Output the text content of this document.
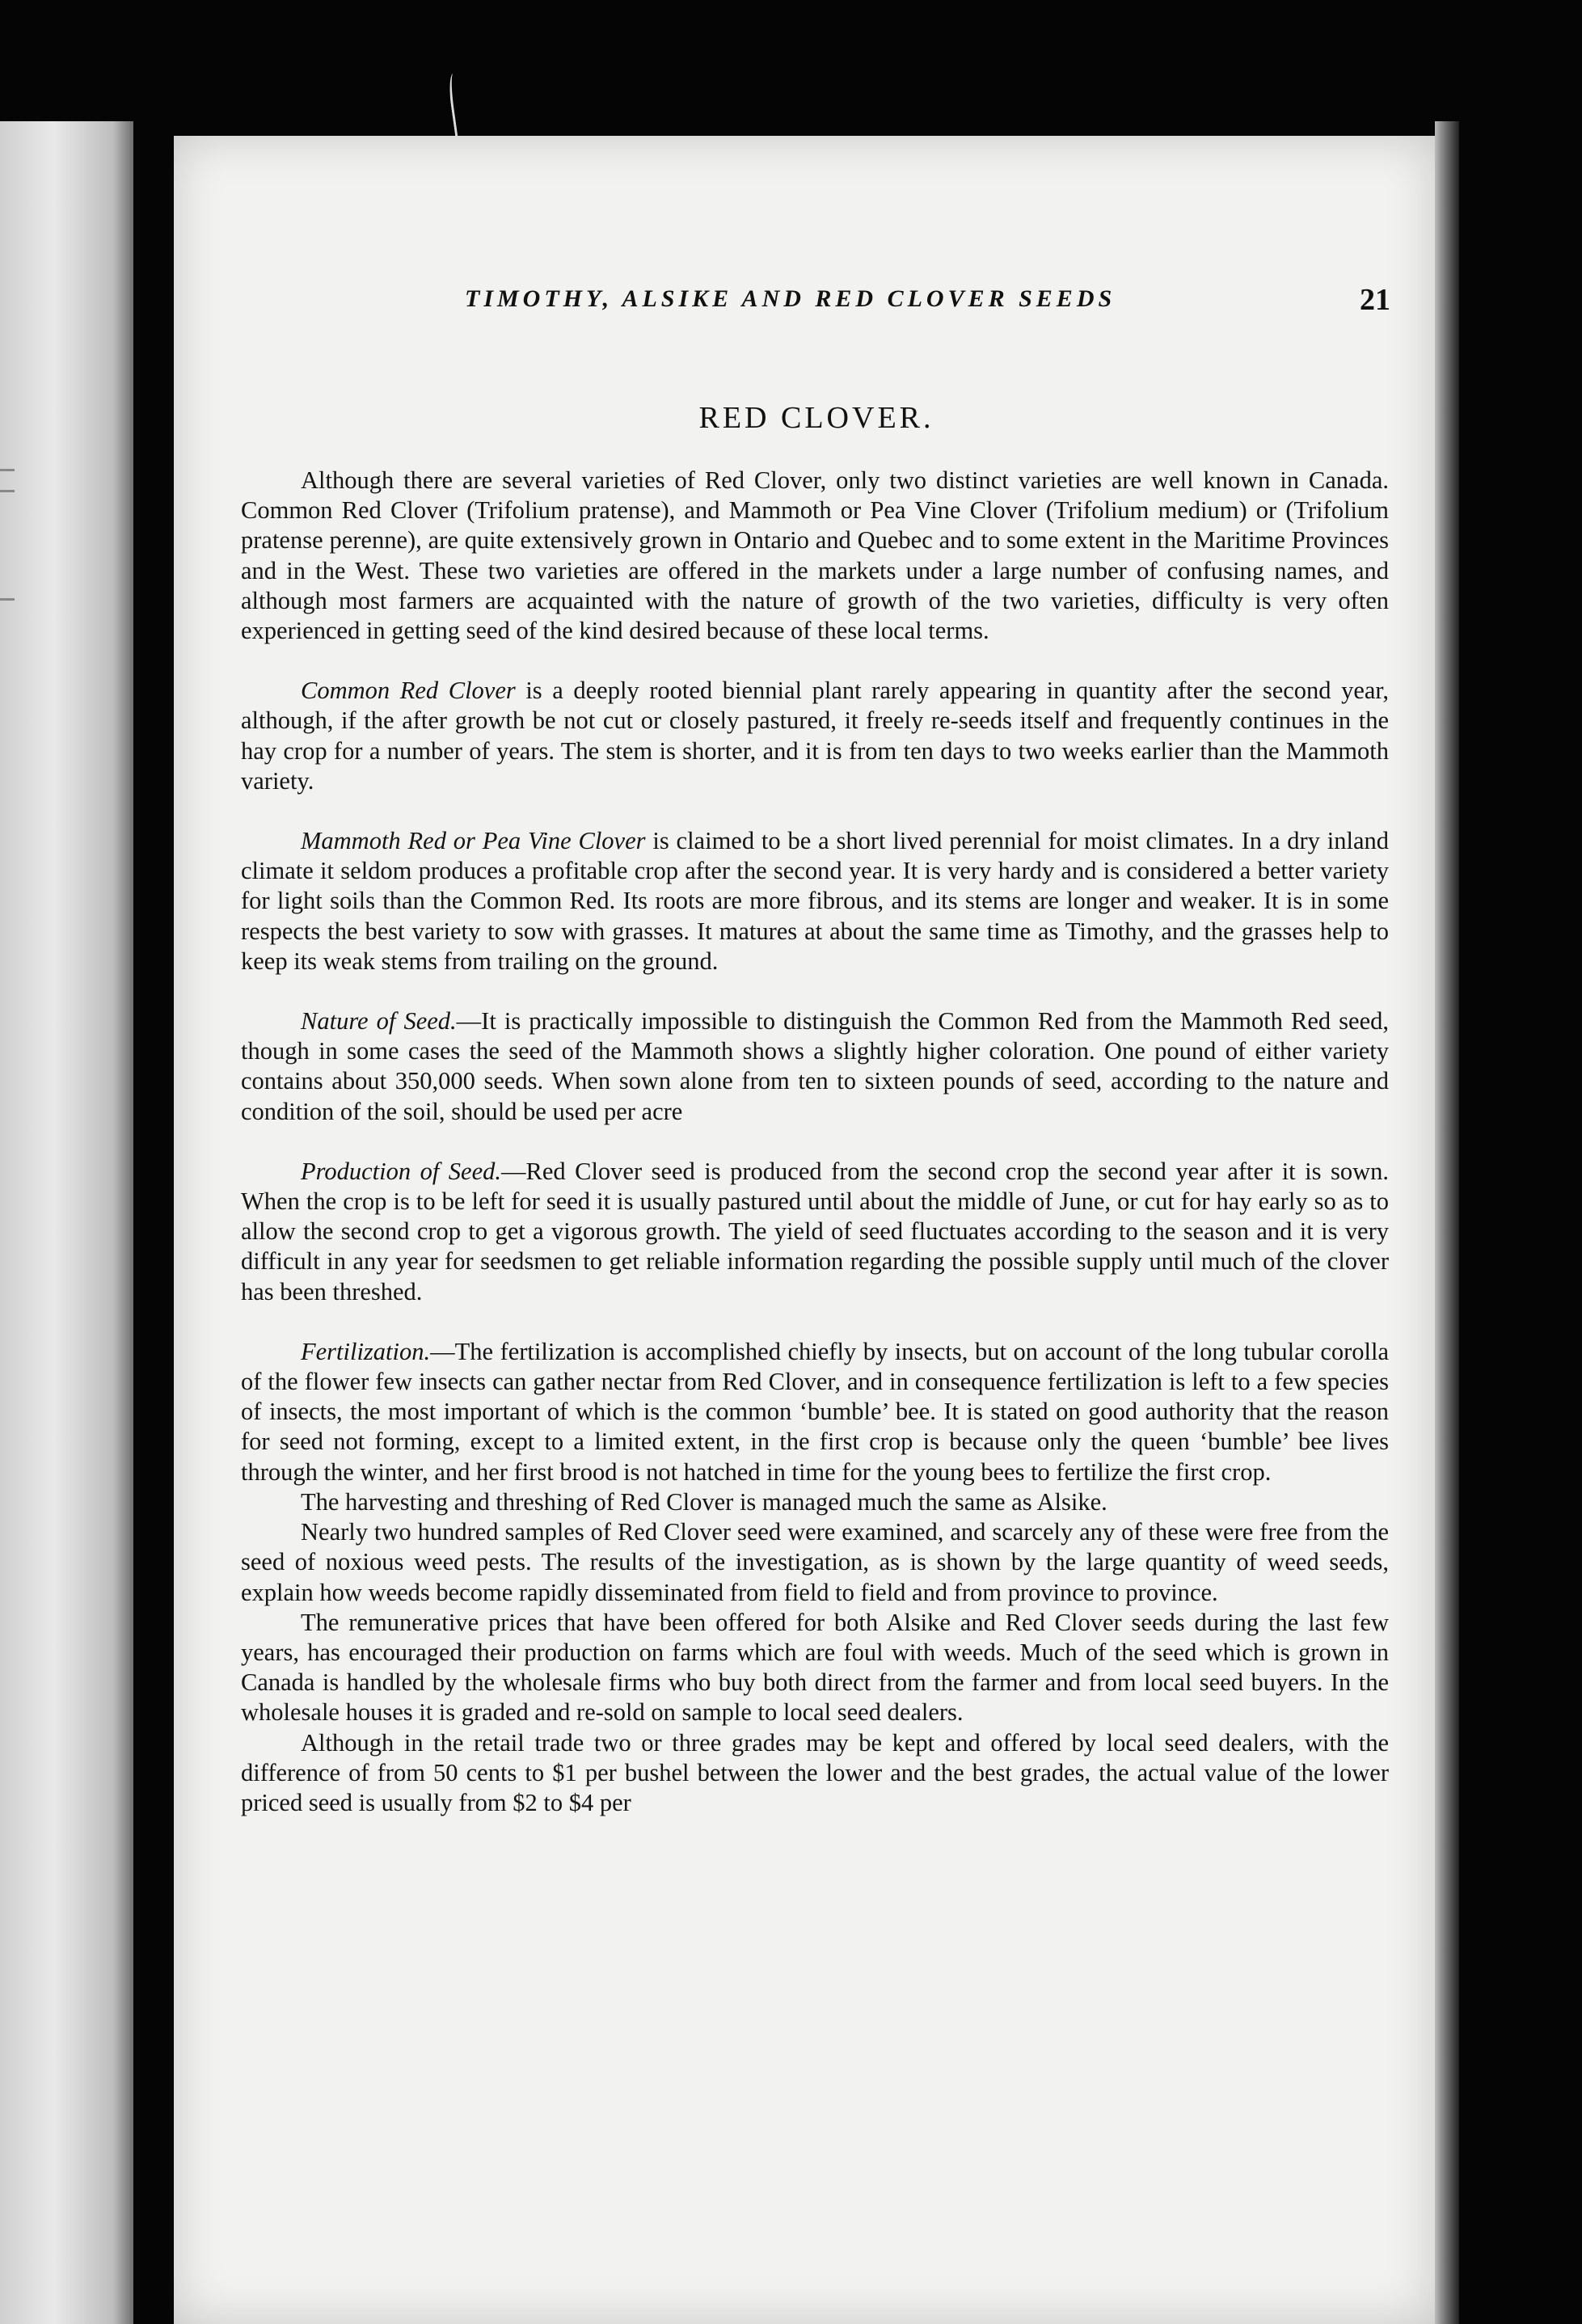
TIMOTHY, ALSIKE AND RED CLOVER SEEDS	21
RED CLOVER.

Although there are several varieties of Red Clover, only two distinct varieties are well known in Canada. Common Red Clover (Trifolium pratense), and Mammoth or Pea Vine Clover (Trifolium medium) or (Trifolium pratense perenne), are quite extensively grown in Ontario and Quebec and to some extent in the Maritime Provinces and in the West. These two varieties are offered in the markets under a large number of confusing names, and although most farmers are acquainted with the nature of growth of the two varieties, difficulty is very often experienced in getting seed of the kind desired because of these local terms.

Common Red Clover is a deeply rooted biennial plant rarely appearing in quantity after the second year, although, if the after growth be not cut or closely pastured, it freely re-seeds itself and frequently continues in the hay crop for a number of years. The stem is shorter, and it is from ten days to two weeks earlier than the Mammoth variety.

Mammoth Red or Pea Vine Clover is claimed to be a short lived perennial for moist climates. In a dry inland climate it seldom produces a profitable crop after the second year. It is very hardy and is considered a better variety for light soils than the Common Red. Its roots are more fibrous, and its stems are longer and weaker. It is in some respects the best variety to sow with grasses. It matures at about the same time as Timothy, and the grasses help to keep its weak stems from trailing on the ground.

Nature of Seed.—It is practically impossible to distinguish the Common Red from the Mammoth Red seed, though in some cases the seed of the Mammoth shows a slightly higher coloration. One pound of either variety contains about 350,000 seeds. When sown alone from ten to sixteen pounds of seed, according to the nature and condition of the soil, should be used per acre

Production of Seed.—Red Clover seed is produced from the second crop the second year after it is sown. When the crop is to be left for seed it is usually pastured until about the middle of June, or cut for hay early so as to allow the second crop to get a vigorous growth. The yield of seed fluctuates according to the season and it is very difficult in any year for seedsmen to get reliable information regarding the possible supply until much of the clover has been threshed.

Fertilization.—The fertilization is accomplished chiefly by insects, but on account of the long tubular corolla of the flower few insects can gather nectar from Red Clover, and in consequence fertilization is left to a few species of insects, the most important of which is the common ‘bumble’ bee. It is stated on good authority that the reason for seed not forming, except to a limited extent, in the first crop is because only the queen ‘bumble’ bee lives through the winter, and her first brood is not hatched in time for the young bees to fertilize the first crop.

The harvesting and threshing of Red Clover is managed much the same as Alsike.

Nearly two hundred samples of Red Clover seed were examined, and scarcely any of these were free from the seed of noxious weed pests. The results of the investigation, as is shown by the large quantity of weed seeds, explain how weeds become rapidly disseminated from field to field and from province to province.

The remunerative prices that have been offered for both Alsike and Red Clover seeds during the last few years, has encouraged their production on farms which are foul with weeds. Much of the seed which is grown in Canada is handled by the wholesale firms who buy both direct from the farmer and from local seed buyers. In the wholesale houses it is graded and re-sold on sample to local seed dealers.

Although in the retail trade two or three grades may be kept and offered by local seed dealers, with the difference of from 50 cents to $1 per bushel between the lower and the best grades, the actual value of the lower priced seed is usually from $2 to $4 per
